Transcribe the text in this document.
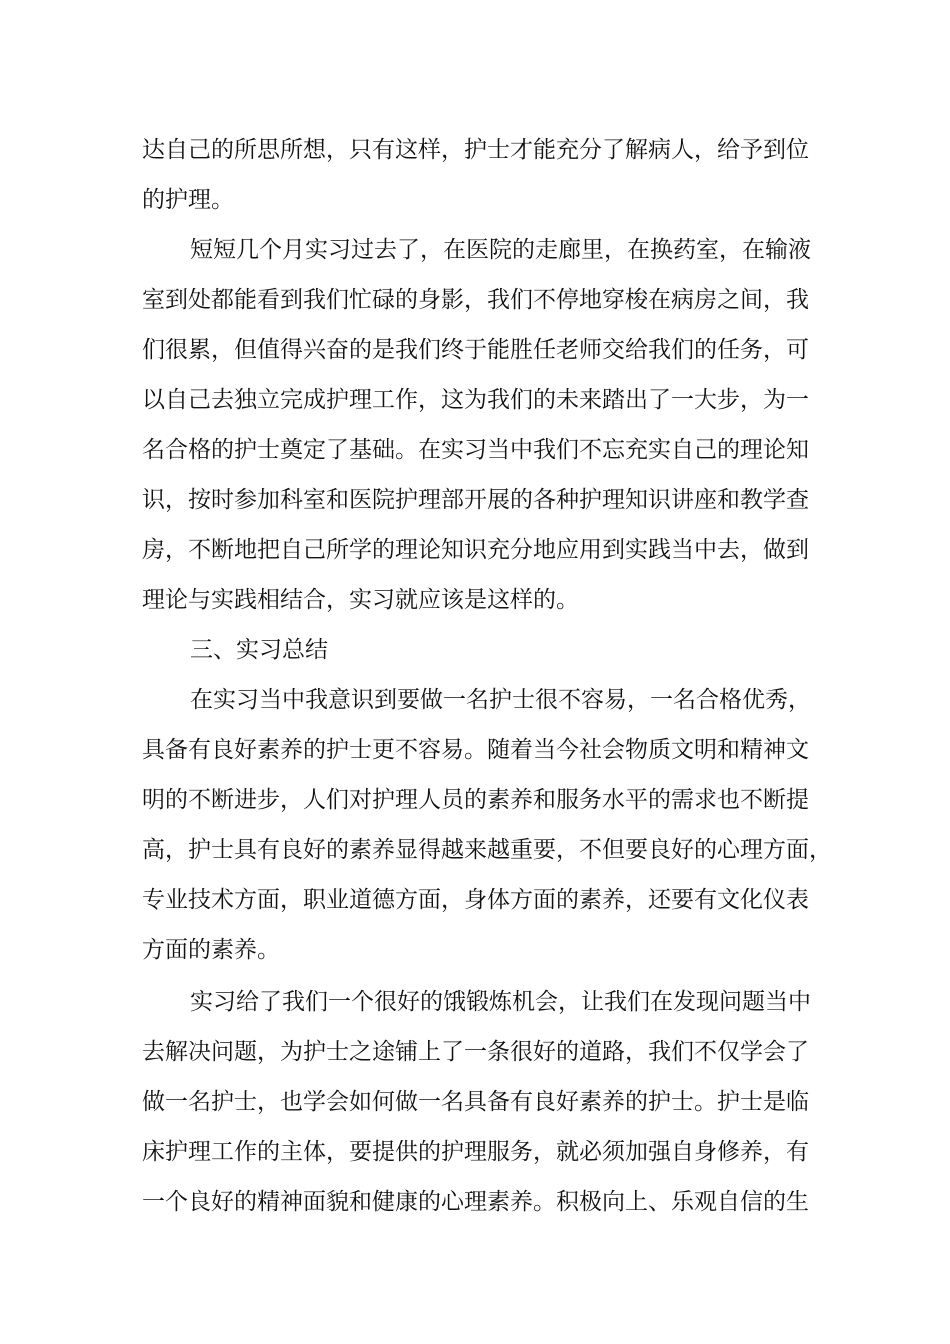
达自己的所思所想，只有这样，护士才能充分了解病人，给予到位
的护理。
短短几个月实习过去了，在医院的走廊里，在换药室，在输液
室到处都能看到我们忙碌的身影，我们不停地穿梭在病房之间，我
们很累，但值得兴奋的是我们终于能胜任老师交给我们的任务，可
以自己去独立完成护理工作，这为我们的未来踏出了一大步，为一
名合格的护士奠定了基础。在实习当中我们不忘充实自己的理论知
识，按时参加科室和医院护理部开展的各种护理知识讲座和教学查
房，不断地把自己所学的理论知识充分地应用到实践当中去，做到
理论与实践相结合，实习就应该是这样的。
三、实习总结
在实习当中我意识到要做一名护士很不容易，一名合格优秀，
具备有良好素养的护士更不容易。随着当今社会物质文明和精神文
明的不断进步，人们对护理人员的素养和服务水平的需求也不断提
高，护士具有良好的素养显得越来越重要，不但要良好的心理方面，
专业技术方面，职业道德方面，身体方面的素养，还要有文化仪表
方面的素养。
实习给了我们一个很好的饿锻炼机会，让我们在发现问题当中
去解决问题，为护士之途铺上了一条很好的道路，我们不仅学会了
做一名护士，也学会如何做一名具备有良好素养的护士。护士是临
床护理工作的主体，要提供的护理服务，就必须加强自身修养，有
一个良好的精神面貌和健康的心理素养。积极向上、乐观自信的生
